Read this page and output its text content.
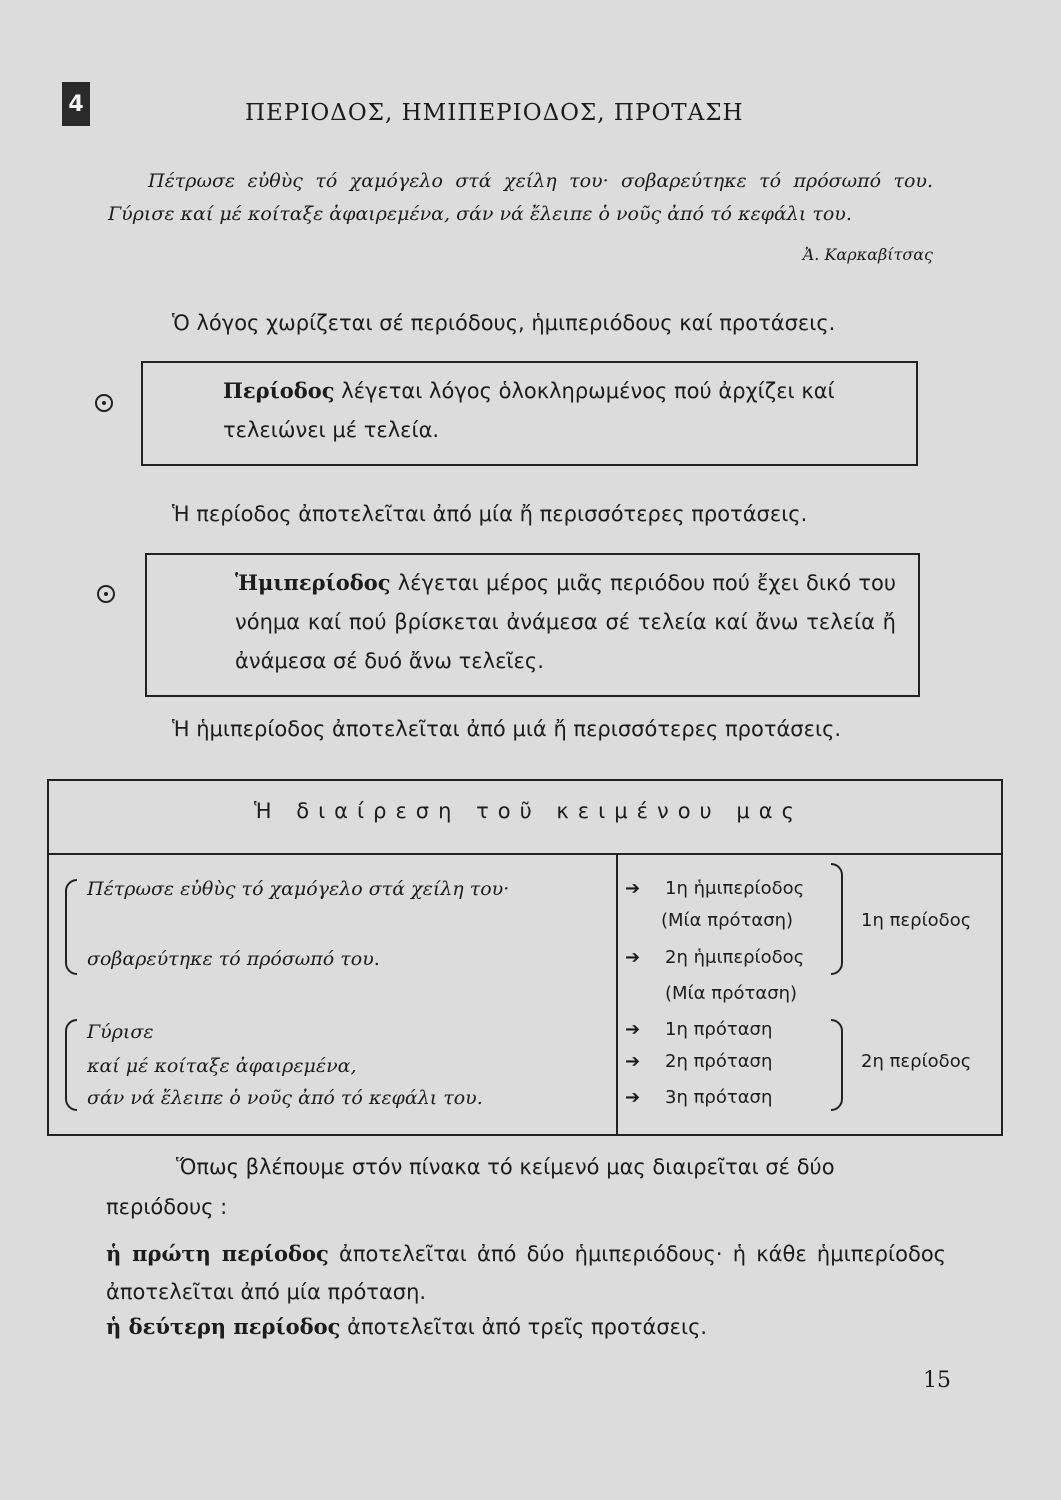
4	ΠΕΡΙΟΔΟΣ, ΗΜΙΠΕΡΙΟΔΟΣ, ΠΡΟΤΑΣΗ
Πέτρωσε εὐθὺς τό χαμόγελο στά χείλη του· σοβαρεύτηκε τό πρόσωπό του. Γύρισε καί μέ κοίταξε ἀφαιρεμένα, σάν νά ἔλειπε ὁ νοῦς ἀπό τό κεφάλι του.
Ἀ. Καρκαβίτσας
Ὁ λόγος χωρίζεται σέ περιόδους, ἡμιπεριόδους καί προτάσεις.
Περίοδος λέγεται λόγος ὁλοκληρωμένος πού ἀρχίζει καί τελειώνει μέ τελεία.
Ἡ περίοδος ἀποτελεῖται ἀπό μία ἤ περισσότερες προτάσεις.
Ἡμιπερίοδος λέγεται μέρος μιᾶς περιόδου πού ἔχει δικό του νόημα καί πού βρίσκεται ἀνάμεσα σέ τελεία καί ἄνω τελεία ἤ ἀνάμεσα σέ δυό ἄνω τελεῖες.
Ἡ ἡμιπερίοδος ἀποτελεῖται ἀπό μιά ἤ περισσότερες προτάσεις.
Ἡ διαίρεση τοῦ κειμένου μας
Πέτρωσε εὐθὺς τό χαμόγελο στά χείλη του·
σοβαρεύτηκε τό πρόσωπό του.
Γύρισε
καί μέ κοίταξε ἀφαιρεμένα,
σάν νά ἔλειπε ὁ νοῦς ἀπό τό κεφάλι του.
➔ 1η ἡμιπερίοδος
(Μία πρόταση)
➔ 2η ἡμιπερίοδος
(Μία πρόταση)
➔ 1η πρόταση
➔ 2η πρόταση
➔ 3η πρόταση
1η περίοδος
2η περίοδος
Ὅπως βλέπουμε στόν πίνακα τό κείμενό μας διαιρεῖται σέ δύο περιόδους :
ἡ πρώτη περίοδος ἀποτελεῖται ἀπό δύο ἡμιπεριόδους· ἡ κάθε ἡμιπερίοδος ἀποτελεῖται ἀπό μία πρόταση.
ἡ δεύτερη περίοδος ἀποτελεῖται ἀπό τρεῖς προτάσεις.
15
